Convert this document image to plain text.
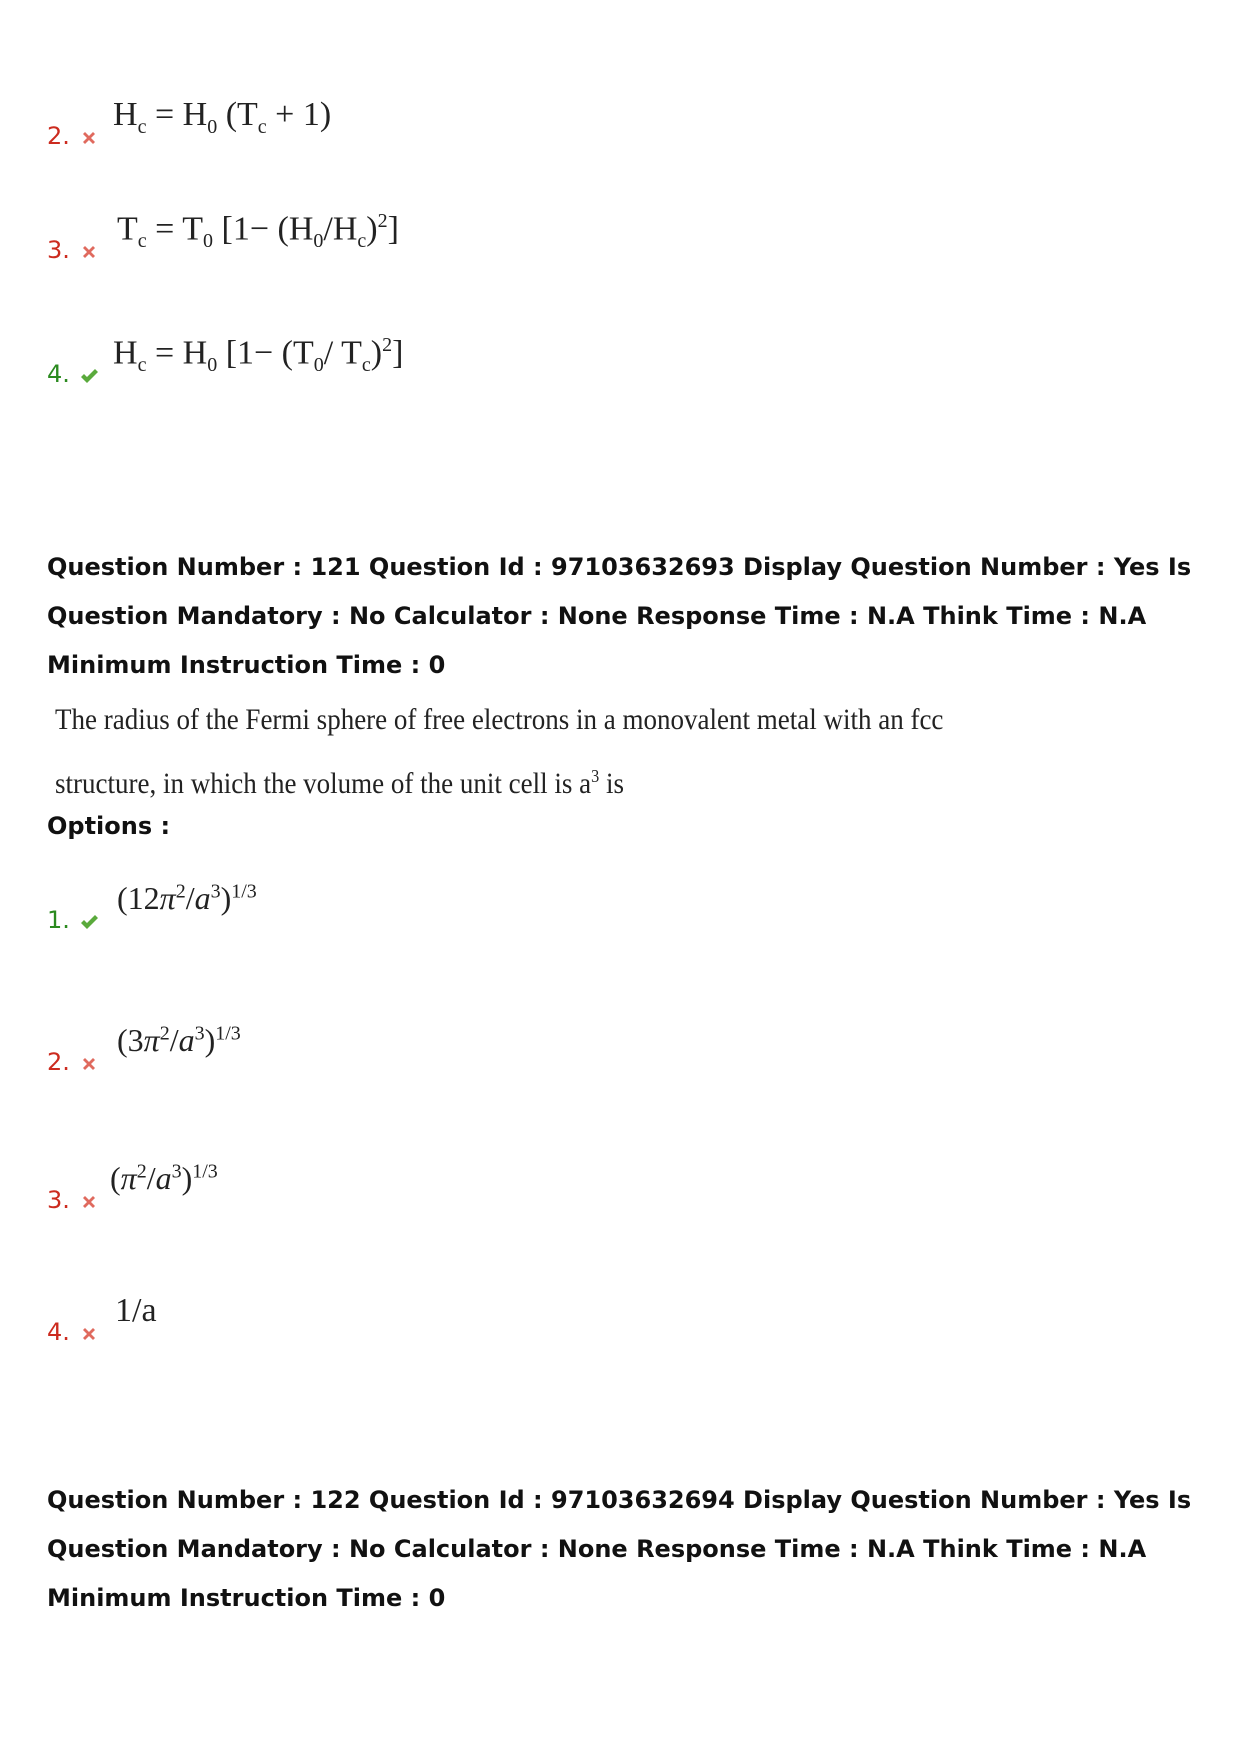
2.
$H_c = H_0$ $(T_c + 1)$
3.
$T_c = T_0$ $[1- (H_0/H_c)^2]$
4.
$H_c = H_0$ [$1- (T_0/$ $T_c)^2$]
Question Number : 121 Question Id : 97103632693 Display Question Number : Yes Is Question Mandatory : No Calculator : None Response Time : N.A Think Time : N.A Minimum Instruction Time : 0
The radius of the Fermi sphere of free electrons in a monovalent metal with an fcc
structure, in which the volume of the unit cell is $a^3$ is
Options :
1.
$(12\pi^2/a^3)^{1/3}$
2.
$(3\pi^2/a^3)^{1/3}$
3.
$(\pi^2/a^3)^{1/3}$
4.
1/a
Question Number : 122 Question Id : 97103632694 Display Question Number : Yes Is Question Mandatory : No Calculator : None Response Time : N.A Think Time : N.A Minimum Instruction Time : 0
